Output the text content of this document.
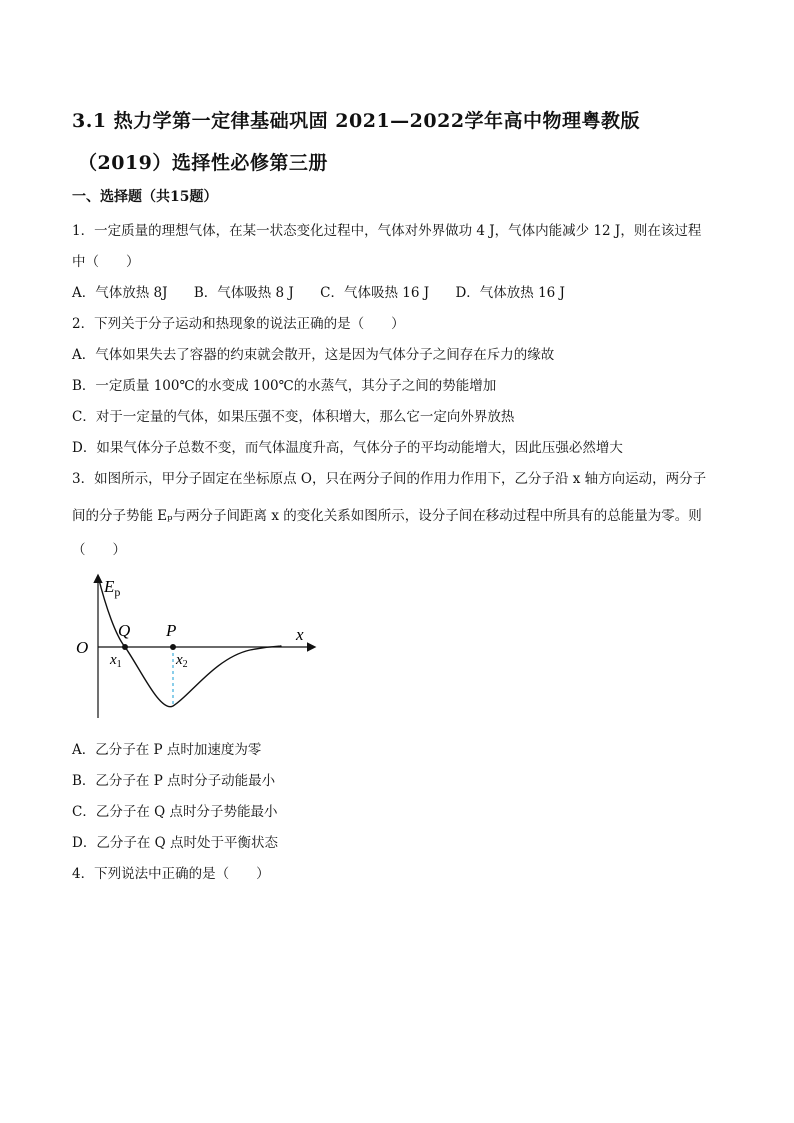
3.1 热力学第一定律基础巩固 2021—2022学年高中物理粤教版
（2019）选择性必修第三册
一、选择题（共15题）
1．一定质量的理想气体，在某一状态变化过程中，气体对外界做功 4 J，气体内能减少 12 J，则在该过程
中（　　）
A．气体放热 8J B．气体吸热 8 J C．气体吸热 16 J D．气体放热 16 J
2．下列关于分子运动和热现象的说法正确的是（　　）
A．气体如果失去了容器的约束就会散开，这是因为气体分子之间存在斥力的缘故
B．一定质量 100℃的水变成 100℃的水蒸气，其分子之间的势能增加
C．对于一定量的气体，如果压强不变，体积增大，那么它一定向外界放热
D．如果气体分子总数不变，而气体温度升高，气体分子的平均动能增大，因此压强必然增大
3．如图所示，甲分子固定在坐标原点 O，只在两分子间的作用力作用下，乙分子沿 x 轴方向运动，两分子
间的分子势能 Eₚ与两分子间距离 x 的变化关系如图所示，设分子间在移动过程中所具有的总能量为零。则
（　　）
$E_p$
O
x
Q P
$x_1$	$x_2$
A．乙分子在 P 点时加速度为零
B．乙分子在 P 点时分子动能最小
C．乙分子在 Q 点时分子势能最小
D．乙分子在 Q 点时处于平衡状态
4．下列说法中正确的是（　　）
